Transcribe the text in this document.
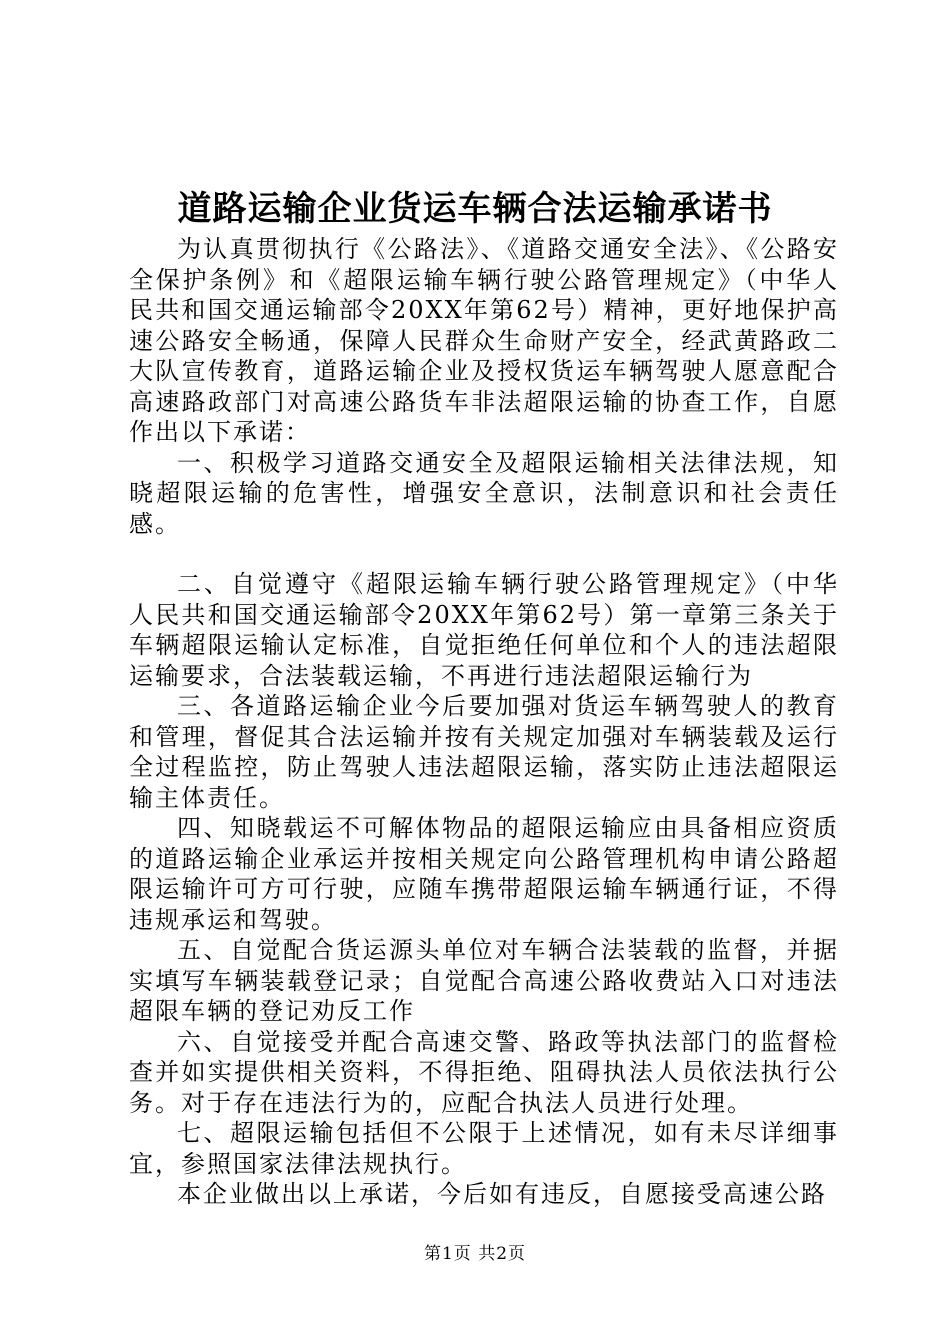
道路运输企业货运车辆合法运输承诺书

为认真贯彻执行《公路法》、《道路交通安全法》、《公路安全保护条例》和《超限运输车辆行驶公路管理规定》（中华人民共和国交通运输部令20XX年第62号）精神，更好地保护高速公路安全畅通，保障人民群众生命财产安全，经武黄路政二大队宣传教育，道路运输企业及授权货运车辆驾驶人愿意配合高速路政部门对高速公路货车非法超限运输的协查工作，自愿作出以下承诺：

一、积极学习道路交通安全及超限运输相关法律法规，知晓超限运输的危害性，增强安全意识，法制意识和社会责任感。

二、自觉遵守《超限运输车辆行驶公路管理规定》（中华人民共和国交通运输部令20XX年第62号）第一章第三条关于车辆超限运输认定标准，自觉拒绝任何单位和个人的违法超限运输要求，合法装载运输，不再进行违法超限运输行为

三、各道路运输企业今后要加强对货运车辆驾驶人的教育和管理，督促其合法运输并按有关规定加强对车辆装载及运行全过程监控，防止驾驶人违法超限运输，落实防止违法超限运输主体责任。

四、知晓载运不可解体物品的超限运输应由具备相应资质的道路运输企业承运并按相关规定向公路管理机构申请公路超限运输许可方可行驶，应随车携带超限运输车辆通行证，不得违规承运和驾驶。

五、自觉配合货运源头单位对车辆合法装载的监督，并据实填写车辆装载登记录；自觉配合高速公路收费站入口对违法超限车辆的登记劝反工作

六、自觉接受并配合高速交警、路政等执法部门的监督检查并如实提供相关资料，不得拒绝、阻碍执法人员依法执行公务。对于存在违法行为的，应配合执法人员进行处理。

七、超限运输包括但不公限于上述情况，如有未尽详细事宜，参照国家法律法规执行。

本企业做出以上承诺，今后如有违反，自愿接受高速公路

第1页 共2页
